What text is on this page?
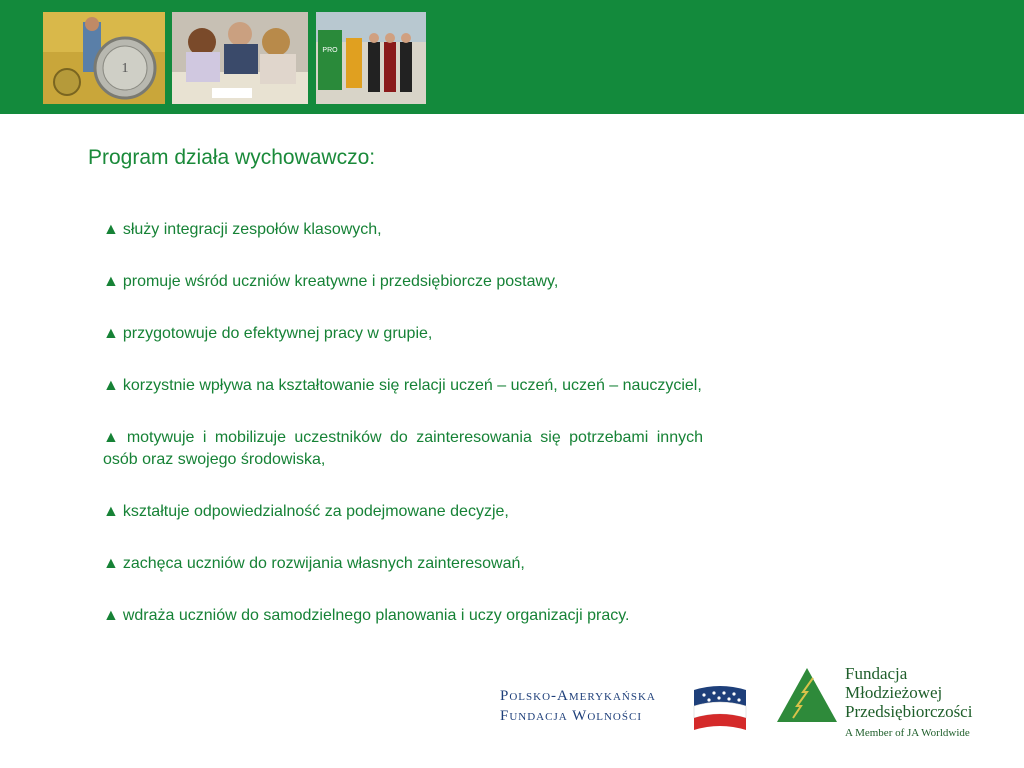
1
PRO
Program działa wychowawczo:
▲ służy integracji zespołów klasowych,
▲ promuje wśród uczniów kreatywne i przedsiębiorcze postawy,
▲ przygotowuje do efektywnej pracy w grupie,
▲ korzystnie wpływa na kształtowanie się relacji uczeń – uczeń, uczeń – nauczyciel,
▲ motywuje i mobilizuje uczestników do zainteresowania się potrzebami innych osób oraz swojego środowiska,
▲ kształtuje odpowiedzialność za podejmowane decyzje,
▲ zachęca uczniów do rozwijania własnych zainteresowań,
▲ wdraża uczniów do samodzielnego planowania i uczy organizacji pracy.
Polsko-Amerykańska
Fundacja Wolności
Fundacja
Młodzieżowej
Przedsiębiorczości
A Member of JA Worldwide
